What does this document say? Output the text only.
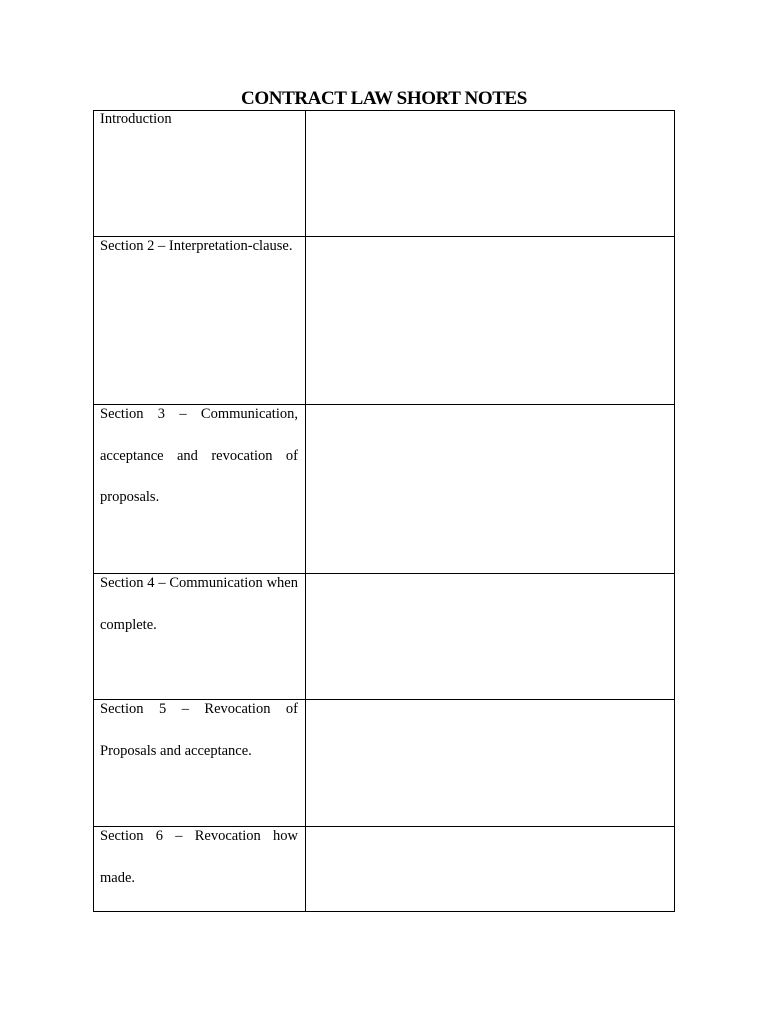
CONTRACT LAW SHORT NOTES
Introduction	

Section 2 – Interpretation-clause.	

Section 3 – Communication, acceptance and revocation of proposals.	

Section 4 – Communication when complete.	

Section 5 – Revocation of Proposals and acceptance.	

Section 6 – Revocation how made.	
